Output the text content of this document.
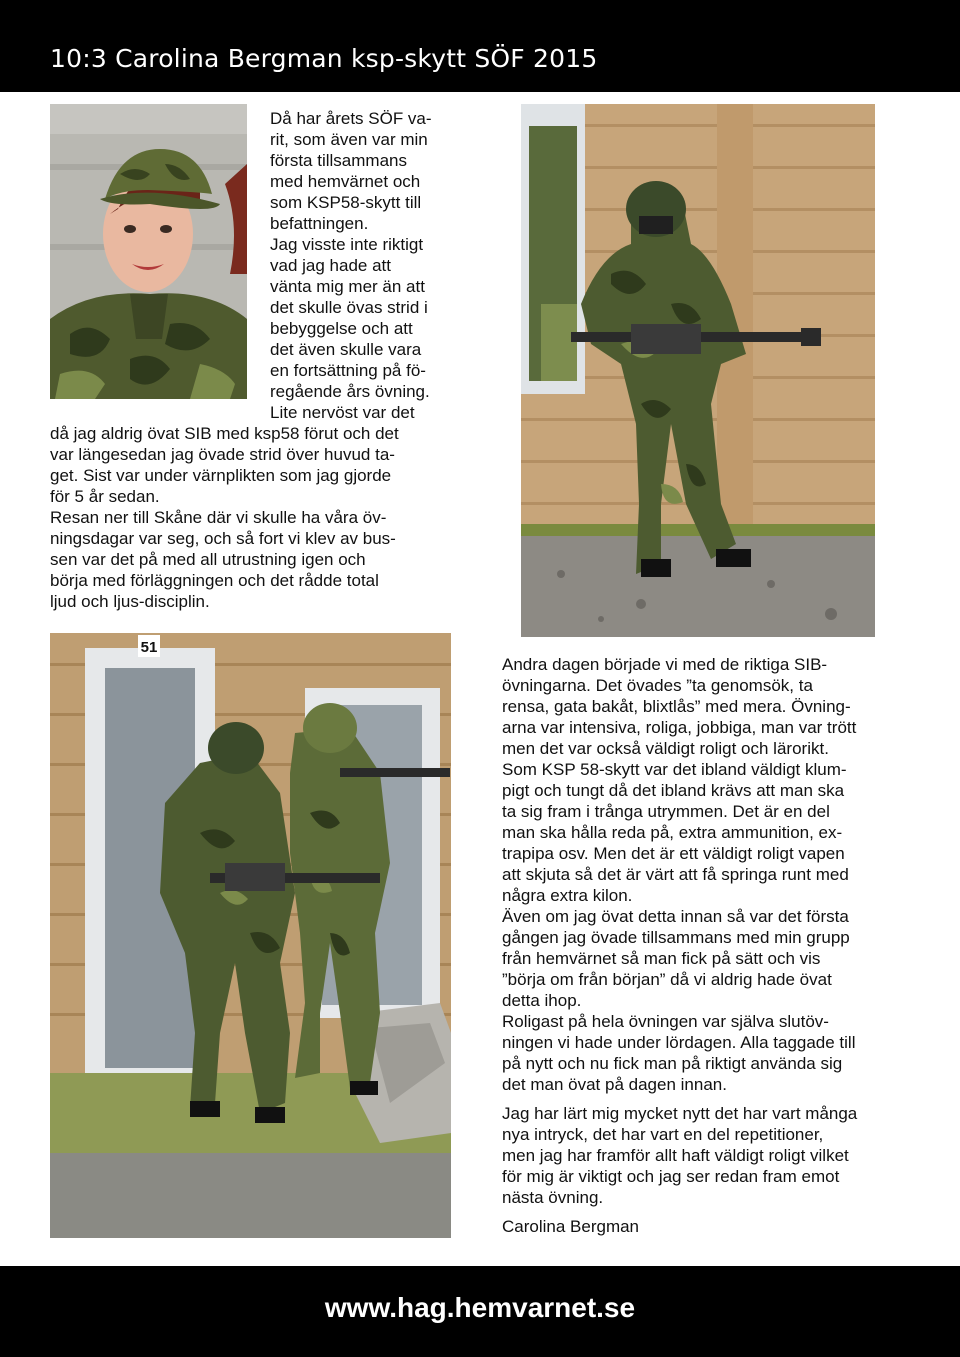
10:3 Carolina Bergman ksp-skytt SÖF 2015

Då har årets SÖF va-

rit, som även var min

första tillsammans

med hemvärnet och

som KSP58-skytt till

befattningen.

Jag visste inte riktigt

vad jag hade att

vänta mig mer än att

det skulle övas strid i

bebyggelse och att

det även skulle vara

en fortsättning på fö-

regående års övning.

Lite nervöst var det

då jag aldrig övat SIB med ksp58 förut och det

var längesedan jag övade strid över huvud ta-

get. Sist var under värnplikten som jag gjorde

för 5 år sedan.

Resan ner till Skåne där vi skulle ha våra öv-

ningsdagar var seg, och så fort vi klev av bus-

sen var det på med all utrustning igen och

börja med förläggningen och det rådde total

ljud och ljus-disciplin.

51

Andra dagen började vi med de riktiga SIB-

övningarna. Det övades ”ta genomsök, ta

rensa, gata bakåt, blixtlås” med mera. Övning-

arna var intensiva, roliga, jobbiga, man var trött

men det var också väldigt roligt och lärorikt.

Som KSP 58-skytt var det ibland väldigt klum-

pigt och tungt då det ibland krävs att man ska

ta sig fram i trånga utrymmen. Det är en del

man ska hålla reda på, extra ammunition, ex-

trapipa osv. Men det är ett väldigt roligt vapen

att skjuta så det är värt att få springa runt med

några extra kilon.

Även om jag övat detta innan så var det första

gången jag övade tillsammans med min grupp

från hemvärnet så man fick på sätt och vis

”börja om från början” då vi aldrig hade övat

detta ihop.

Roligast på hela övningen var själva slutöv-

ningen vi hade under lördagen. Alla taggade till

på nytt och nu fick man på riktigt använda sig

det man övat på dagen innan.

Jag har lärt mig mycket nytt det har vart många

nya intryck, det har vart en del repetitioner,

men jag har framför allt haft väldigt roligt vilket

för mig är viktigt och jag ser redan fram emot

nästa övning.

Carolina Bergman

www.hag.hemvarnet.se
